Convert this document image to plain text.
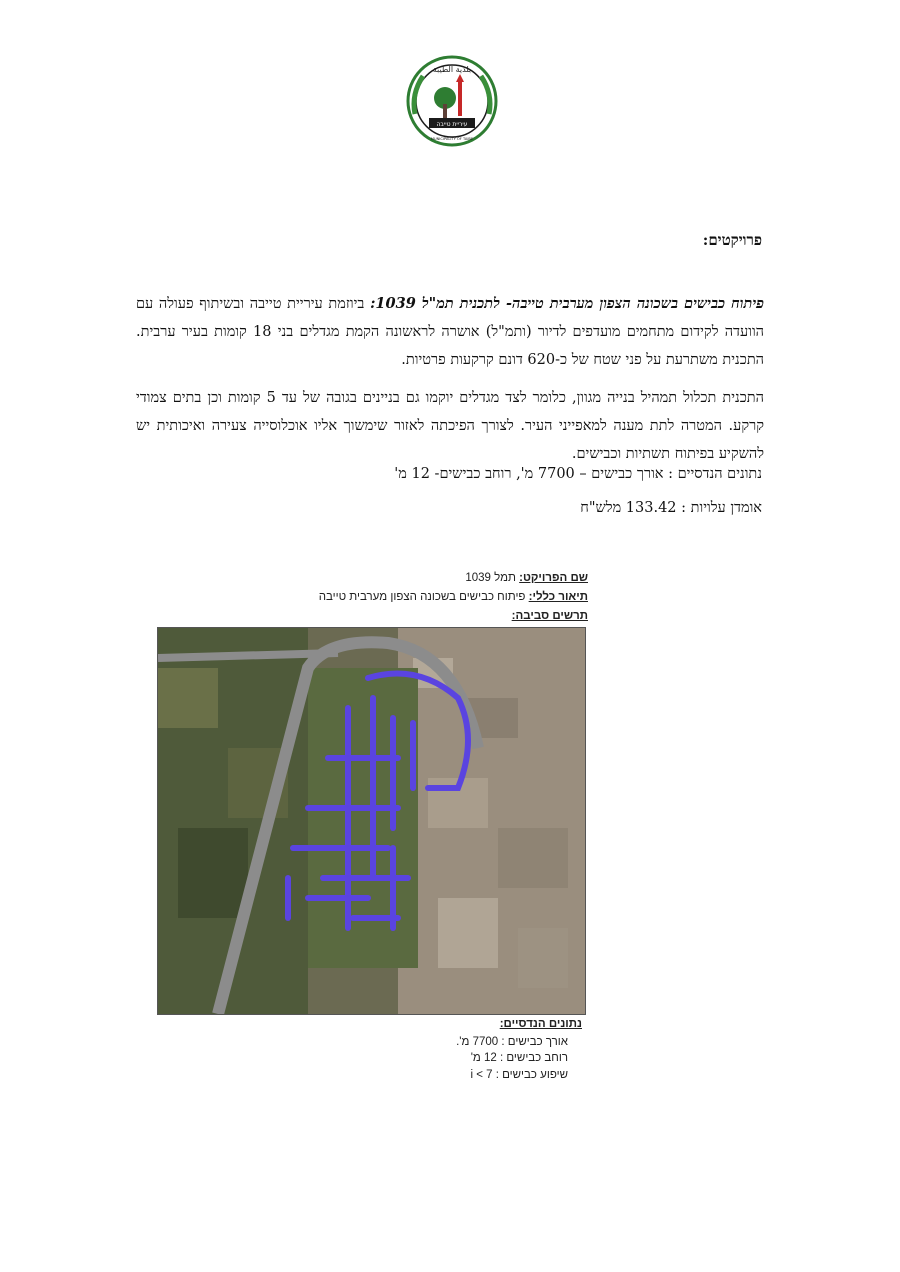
بلدية الطيبة
עיריית טייבה
MUNICIPALITY OF TAIBE
פרויקטים:
פיתוח כבישים בשכונה הצפון מערבית טייבה- לתכנית תמ"ל 1039: ביוזמת עיריית טייבה ובשיתוף פעולה עם הוועדה לקידום מתחמים מועדפים לדיור (ותמ"ל) אושרה לראשונה הקמת מגדלים בני 18 קומות בעיר ערבית. התכנית משתרעת על פני שטח של כ-620 דונם קרקעות פרטיות.
התכנית תכלול תמהיל בנייה מגוון, כלומר לצד מגדלים יוקמו גם בניינים בגובה של עד 5 קומות וכן בתים צמודי קרקע. המטרה לתת מענה למאפייני העיר. לצורך הפיכתה לאזור שימשוך אליו אוכלוסייה צעירה ואיכותית יש להשקיע בפיתוח תשתיות וכבישים.
נתונים הנדסיים : אורך כבישים – 7700 מ', רוחב כבישים- 12 מ'
אומדן עלויות : 133.42 מלש"ח
שם הפרויקט: תמל 1039
תיאור כללי: פיתוח כבישים בשכונה הצפון מערבית טייבה
תרשים סביבה:
נתונים הנדסיים:
אורך כבישים : 7700 מ'.
רוחב כבישים : 12 מ'
שיפוע כבישים : i < 7
